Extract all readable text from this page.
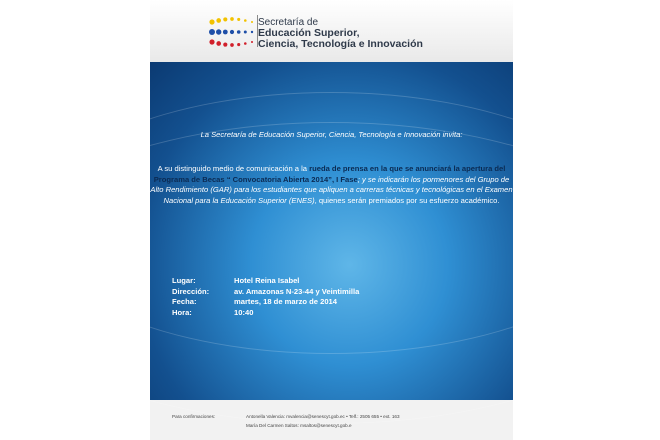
Secretaría de
Educación Superior,
Ciencia, Tecnología e Innovación
La Secretaría de Educación Superior, Ciencia, Tecnología e Innovación invita:
A su distinguido medio de comunicación a la rueda de prensa en la que se anunciará la apertura del Programa de Becas “ Convocatoria Abierta 2014”, I Fase; y se indicarán los pormenores del Grupo de Alto Rendimiento (GAR) para los estudiantes que apliquen a carreras técnicas y tecnológicas en el Examen Nacional para la Educación Superior (ENES), quienes serán premiados por su esfuerzo académico.
Lugar:	Hotel Reina Isabel
Dirección:	av. Amazonas N-23-44 y Veintimilla
Fecha:	martes, 18 de marzo de 2014
Hora:	10:40
Para confirmaciones:	Antonella Valencia: mvalencia@senescyt.gob.ec • Telf.: 2505 655 • ext. 163
María Del Carmen Saltos: msaltos@senescyt.gob.e
